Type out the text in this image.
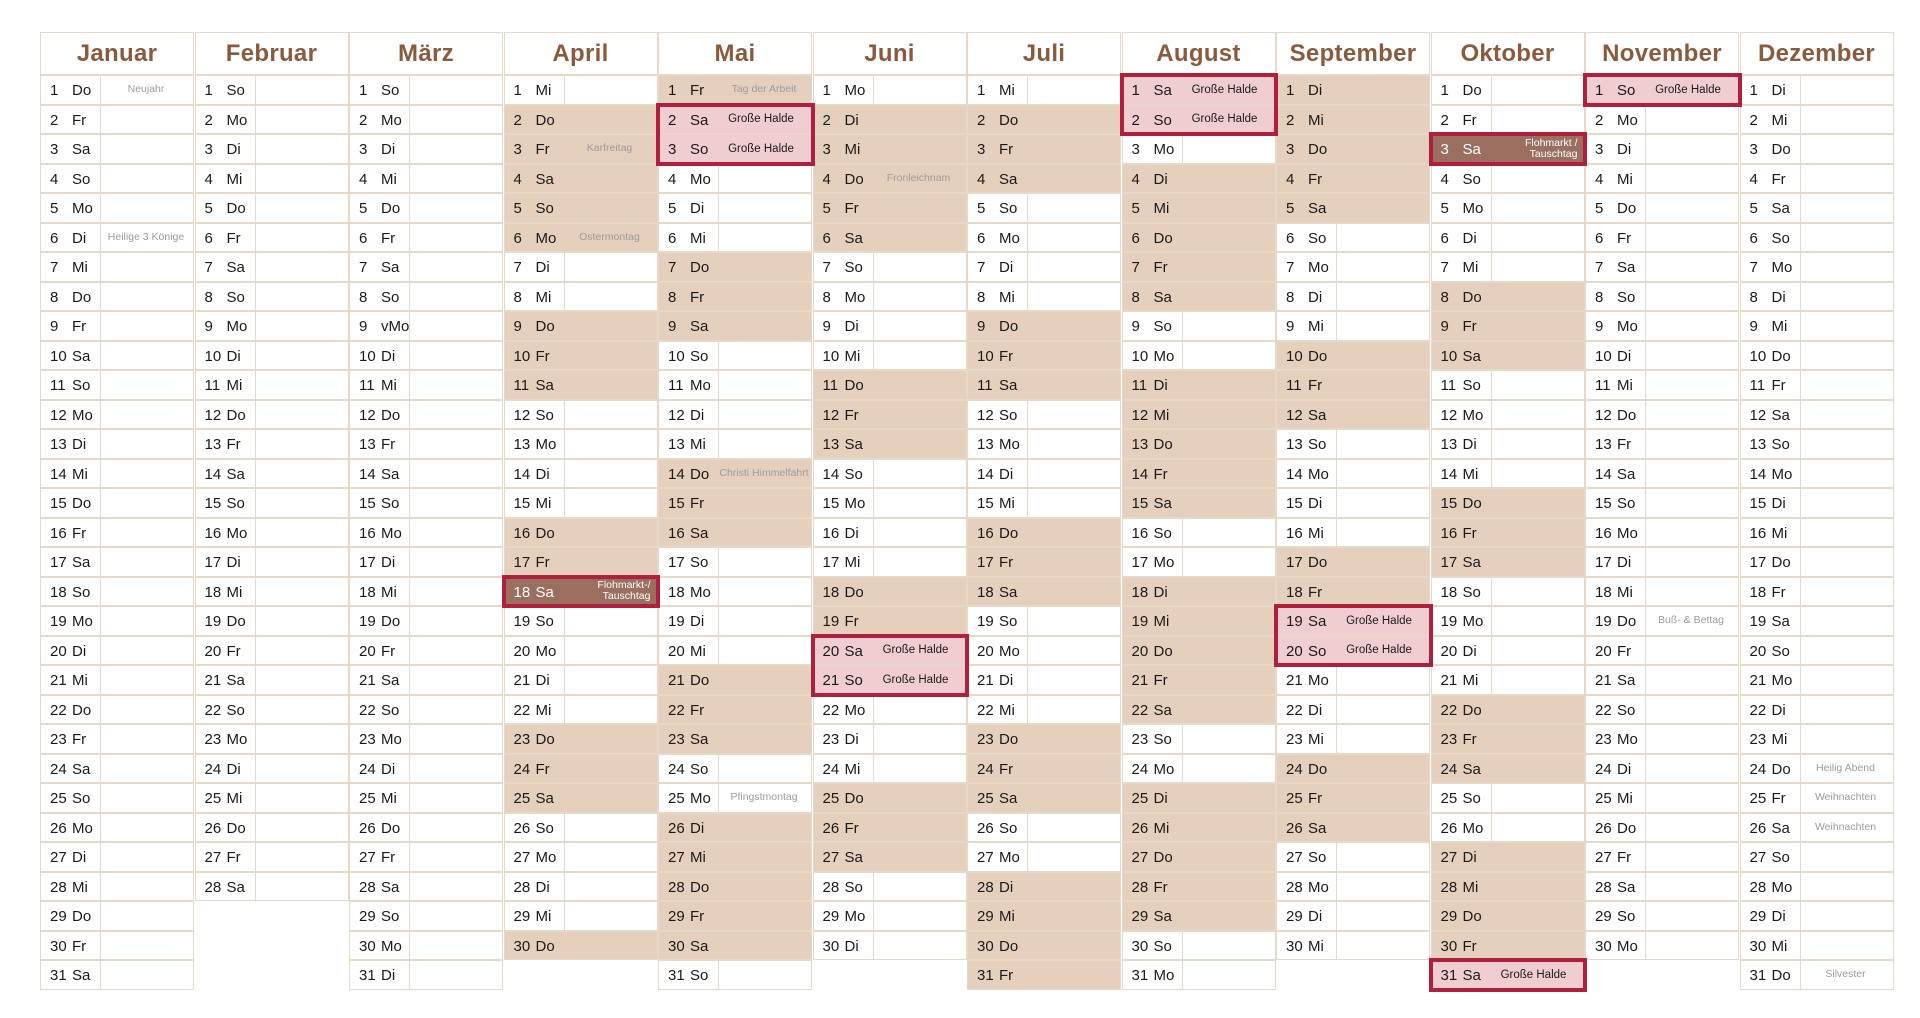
Januar
1 Do	Neujahr
2 Fr
3 Sa
4 So
5 Mo
6 Di	Heilige 3 Könige
7 Mi
8 Do
9 Fr
10 Sa
11 So
12 Mo
13 Di
14 Mi
15 Do
16 Fr
17 Sa
18 So
19 Mo
20 Di
21 Mi
22 Do
23 Fr
24 Sa
25 So
26 Mo
27 Di
28 Mi
29 Do
30 Fr
31 Sa
Februar
1 So
2 Mo
3 Di
4 Mi
5 Do
6 Fr
7 Sa
8 So
9 Mo
10 Di
11 Mi
12 Do
13 Fr
14 Sa
15 So
16 Mo
17 Di
18 Mi
19 Do
20 Fr
21 Sa
22 So
23 Mo
24 Di
25 Mi
26 Do
27 Fr
28 Sa
März
1 So
2 Mo
3 Di
4 Mi
5 Do
6 Fr
7 Sa
8 So
9 vMo
10 Di
11 Mi
12 Do
13 Fr
14 Sa
15 So
16 Mo
17 Di
18 Mi
19 Do
20 Fr
21 Sa
22 So
23 Mo
24 Di
25 Mi
26 Do
27 Fr
28 Sa
29 So
30 Mo
31 Di
April
1 Mi
2 Do
3 Fr	Karfreitag
4 Sa
5 So
6 Mo	Ostermontag
7 Di
8 Mi
9 Do
10 Fr
11 Sa
12 So
13 Mo
14 Di
15 Mi
16 Do
17 Fr
18 Sa	Flohmarkt-/ Tauschtag
19 So
20 Mo
21 Di
22 Mi
23 Do
24 Fr
25 Sa
26 So
27 Mo
28 Di
29 Mi
30 Do
Mai
1 Fr	Tag der Arbeit
2 Sa	Große Halde
3 So	Große Halde
4 Mo
5 Di
6 Mi
7 Do
8 Fr
9 Sa
10 So
11 Mo
12 Di
13 Mi
14 Do Christi Himmelfahrt
15 Fr
16 Sa
17 So
18 Mo
19 Di
20 Mi
21 Do
22 Fr
23 Sa
24 So
25 Mo	Pfingstmontag
26 Di
27 Mi
28 Do
29 Fr
30 Sa
31 So
Juni
1 Mo
2 Di
3 Mi
4 Do	Fronleichnam
5 Fr
6 Sa
7 So
8 Mo
9 Di
10 Mi
11 Do
12 Fr
13 Sa
14 So
15 Mo
16 Di
17 Mi
18 Do
19 Fr
20 Sa	Große Halde
21 So	Große Halde
22 Mo
23 Di
24 Mi
25 Do
26 Fr
27 Sa
28 So
29 Mo
30 Di
Juli
1 Mi
2 Do
3 Fr
4 Sa
5 So
6 Mo
7 Di
8 Mi
9 Do
10 Fr
11 Sa
12 So
13 Mo
14 Di
15 Mi
16 Do
17 Fr
18 Sa
19 So
20 Mo
21 Di
22 Mi
23 Do
24 Fr
25 Sa
26 So
27 Mo
28 Di
29 Mi
30 Do
31 Fr
August
1 Sa	Große Halde
2 So	Große Halde
3 Mo
4 Di
5 Mi
6 Do
7 Fr
8 Sa
9 So
10 Mo
11 Di
12 Mi
13 Do
14 Fr
15 Sa
16 So
17 Mo
18 Di
19 Mi
20 Do
21 Fr
22 Sa
23 So
24 Mo
25 Di
26 Mi
27 Do
28 Fr
29 Sa
30 So
31 Mo
September
1 Di
2 Mi
3 Do
4 Fr
5 Sa
6 So
7 Mo
8 Di
9 Mi
10 Do
11 Fr
12 Sa
13 So
14 Mo
15 Di
16 Mi
17 Do
18 Fr
19 Sa	Große Halde
20 So	Große Halde
21 Mo
22 Di
23 Mi
24 Do
25 Fr
26 Sa
27 So
28 Mo
29 Di
30 Mi
Oktober
1 Do
2 Fr
3 Sa	Flohmarkt / Tauschtag
4 So
5 Mo
6 Di
7 Mi
8 Do
9 Fr
10 Sa
11 So
12 Mo
13 Di
14 Mi
15 Do
16 Fr
17 Sa
18 So
19 Mo
20 Di
21 Mi
22 Do
23 Fr
24 Sa
25 So
26 Mo
27 Di
28 Mi
29 Do
30 Fr
31 Sa	Große Halde
November
1 So	Große Halde
2 Mo
3 Di
4 Mi
5 Do
6 Fr
7 Sa
8 So
9 Mo
10 Di
11 Mi
12 Do
13 Fr
14 Sa
15 So
16 Mo
17 Di
18 Mi
19 Do	Buß- & Bettag
20 Fr
21 Sa
22 So
23 Mo
24 Di
25 Mi
26 Do
27 Fr
28 Sa
29 So
30 Mo
Dezember
1 Di
2 Mi
3 Do
4 Fr
5 Sa
6 So
7 Mo
8 Di
9 Mi
10 Do
11 Fr
12 Sa
13 So
14 Mo
15 Di
16 Mi
17 Do
18 Fr
19 Sa
20 So
21 Mo
22 Di
23 Mi
24 Do	Heilig Abend
25 Fr	Weihnachten
26 Sa	Weihnachten
27 So
28 Mo
29 Di
30 Mi
31 Do	Silvester
